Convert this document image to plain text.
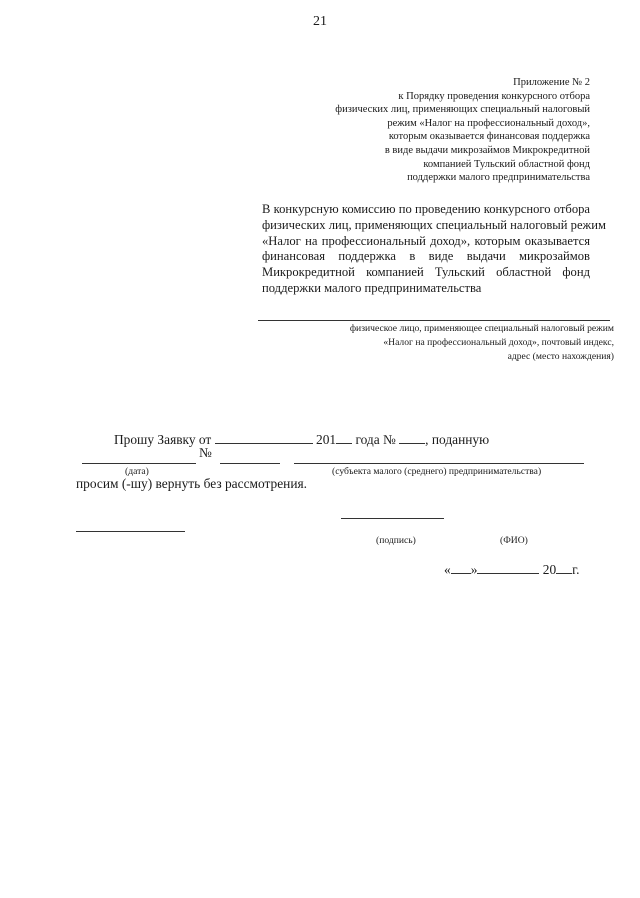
21
Приложение № 2
к Порядку проведения конкурсного отбора
физических лиц, применяющих специальный налоговый
режим «Налог на профессиональный доход»,
которым оказывается финансовая поддержка
в виде выдачи микрозаймов Микрокредитной
компанией Тульский областной фонд
поддержки малого предпринимательства
В конкурсную комиссию по проведению конкурсного отбора
физических лиц, применяющих специальный налоговый режим
«Налог на профессиональный доход», которым оказывается
финансовая поддержка в виде выдачи микрозаймов
Микрокредитной компанией Тульский областной фонд
поддержки малого предпринимательства
физическое лицо, применяющее специальный налоговый режим
«Налог на профессиональный доход», почтовый индекс,
адрес (место нахождения)
Прошу Заявку от	201 года № , поданную
№
(дата)	(субъекта малого (среднего) предпринимательства)
просим (-шу) вернуть без рассмотрения.
(подпись)	(ФИО)
« »	20 г.
